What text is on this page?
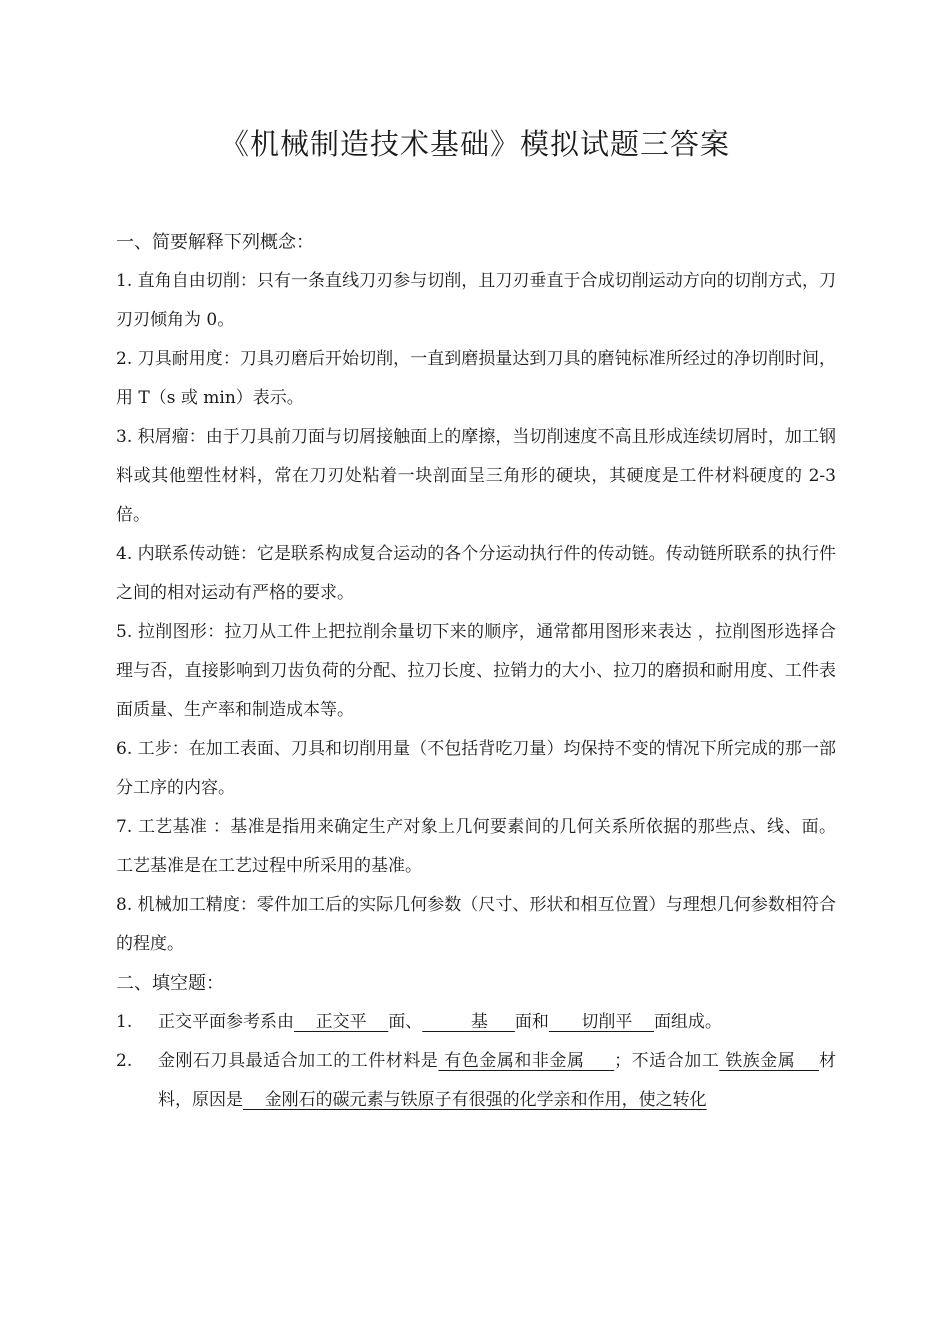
《机械制造技术基础》模拟试题三答案
一、简要解释下列概念：
1. 直角自由切削：只有一条直线刀刃参与切削，且刀刃垂直于合成切削运动方向的切削方式，刀刃刃倾角为 0。
2. 刀具耐用度：刀具刃磨后开始切削，一直到磨损量达到刀具的磨钝标准所经过的净切削时间，用 T（s 或 min）表示。
3. 积屑瘤：由于刀具前刀面与切屑接触面上的摩擦，当切削速度不高且形成连续切屑时，加工钢料或其他塑性材料，常在刀刃处粘着一块剖面呈三角形的硬块，其硬度是工件材料硬度的 2-3 倍。
4. 内联系传动链：它是联系构成复合运动的各个分运动执行件的传动链。传动链所联系的执行件之间的相对运动有严格的要求。
5. 拉削图形：拉刀从工件上把拉削余量切下来的顺序，通常都用图形来表达 ，拉削图形选择合理与否，直接影响到刀齿负荷的分配、拉刀长度、拉销力的大小、拉刀的磨损和耐用度、工件表面质量、生产率和制造成本等。
6. 工步：在加工表面、刀具和切削用量（不包括背吃刀量）均保持不变的情况下所完成的那一部分工序的内容。
7. 工艺基准 ：基准是指用来确定生产对象上几何要素间的几何关系所依据的那些点、线、面。工艺基准是在工艺过程中所采用的基准。
8. 机械加工精度：零件加工后的实际几何参数（尺寸、形状和相互位置）与理想几何参数相符合的程度。
二、填空题：
1. 正交平面参考系由    正交平    面、         基     面和      切削平    面组成。
2. 金刚石刀具最适合加工的工件材料是 有色金属和非金属     ；不适合加工 铁族金属    材料，原因是    金刚石的碳元素与铁原子有很强的化学亲和作用，使之转化
